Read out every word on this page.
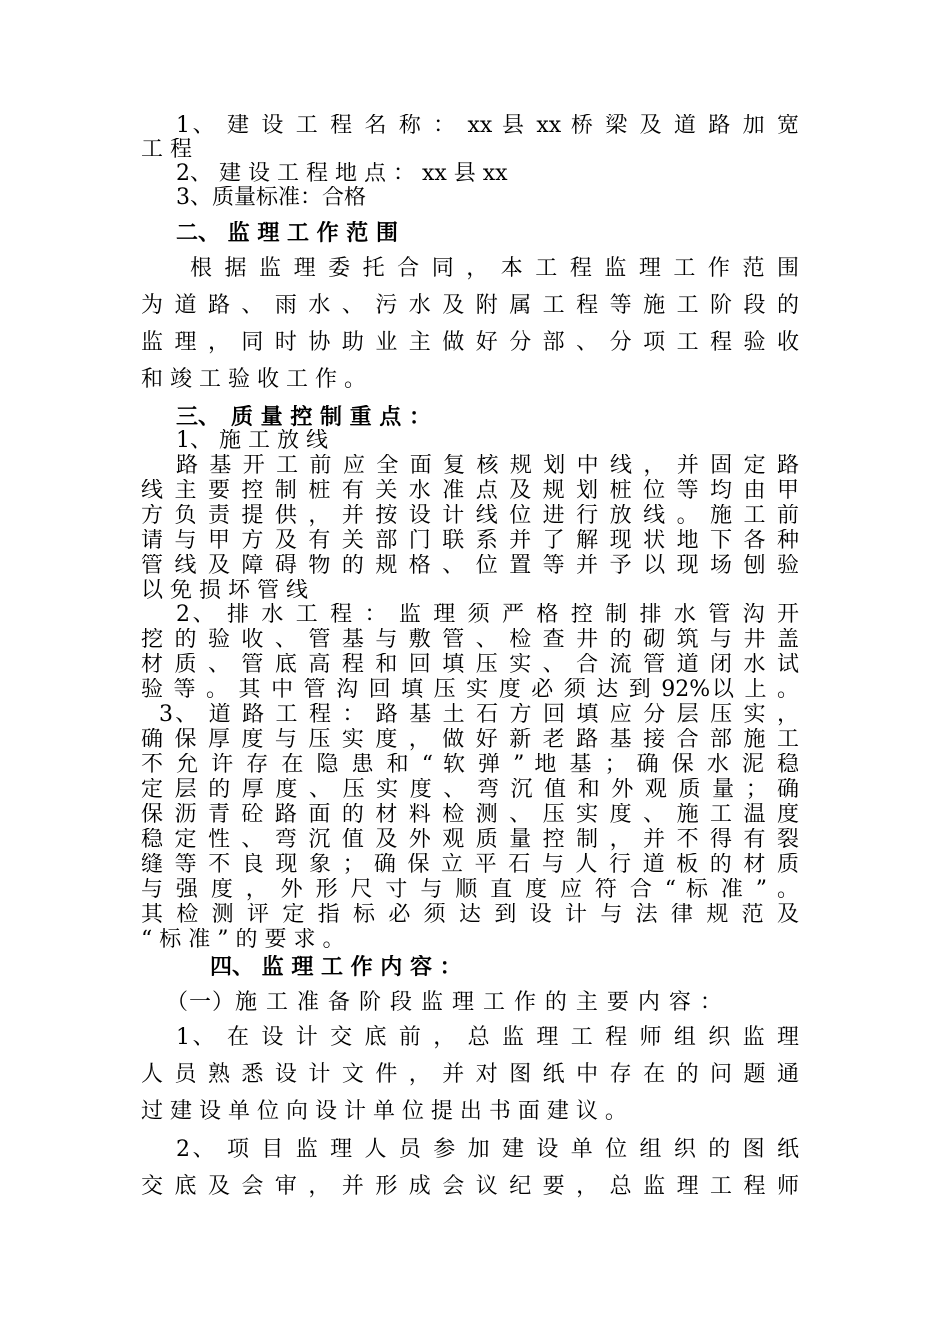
1、 建 设 工 程 名 称 ： xx 县 xx 桥 梁 及 道 路 加 宽

工 程

2、 建 设 工 程 地 点 ： xx 县 xx

3、质量标准：合格

二、 监 理 工 作 范 围

根 据 监 理 委 托 合 同 ， 本 工 程 监 理 工 作 范 围

为 道 路 、 雨 水 、 污 水 及 附 属 工 程 等 施 工 阶 段 的

监 理 ， 同 时 协 助 业 主 做 好 分 部 、 分 项 工 程 验 收

和 竣 工 验 收 工 作 。

三、　质 量 控 制 重 点 ：

1、 施 工 放 线

路 基 开 工 前 应 全 面 复 核 规 划 中 线 ， 并 固 定 路

线 主 要 控 制 桩 有 关 水 准 点 及 规 划 桩 位 等 均 由 甲

方 负 责 提 供 ， 并 按 设 计 线 位 进 行 放 线 。 施 工 前

请 与 甲 方 及 有 关 部 门 联 系 并 了 解 现 状 地 下 各 种

管 线 及 障 碍 物 的 规 格 、 位 置 等 并 予 以 现 场 刨 验

以 免 损 坏 管 线

2、 排 水 工 程 ： 监 理 须 严 格 控 制 排 水 管 沟 开

挖 的 验 收 、 管 基 与 敷 管 、 检 查 井 的 砌 筑 与 井 盖

材 质 、 管 底 高 程 和 回 填 压 实 、 合 流 管 道 闭 水 试

验 等 。 其 中 管 沟 回 填 压 实 度 必 须 达 到 92%以 上 。

3、 道 路 工 程 ： 路 基 土 石 方 回 填 应 分 层 压 实 ，

确 保 厚 度 与 压 实 度 ， 做 好 新 老 路 基 接 合 部 施 工

不 允 许 存 在 隐 患 和 “ 软 弹 ” 地 基 ； 确 保 水 泥 稳

定 层 的 厚 度 、 压 实 度 、 弯 沉 值 和 外 观 质 量 ； 确

保 沥 青 砼 路 面 的 材 料 检 测 、 压 实 度 、 施 工 温 度

稳 定 性 、 弯 沉 值 及 外 观 质 量 控 制 ， 并 不 得 有 裂

缝 等 不 良 现 象 ； 确 保 立 平 石 与 人 行 道 板 的 材 质

与 强 度 ， 外 形 尺 寸 与 顺 直 度 应 符 合 “ 标 准 ” 。

其 检 测 评 定 指 标 必 须 达 到 设 计 与 法 律 规 范 及

“ 标 准 ” 的 要 求 。

四、 监 理 工 作 内 容 ：

（一）施 工 准 备 阶 段 监 理 工 作 的 主 要 内 容 ：

1、 在 设 计 交 底 前 ， 总 监 理 工 程 师 组 织 监 理

人 员 熟 悉 设 计 文 件 ， 并 对 图 纸 中 存 在 的 问 题 通

过 建 设 单 位 向 设 计 单 位 提 出 书 面 建 议 。

2、 项 目 监 理 人 员 参 加 建 设 单 位 组 织 的 图 纸

交 底 及 会 审 ， 并 形 成 会 议 纪 要 ， 总 监 理 工 程 师
